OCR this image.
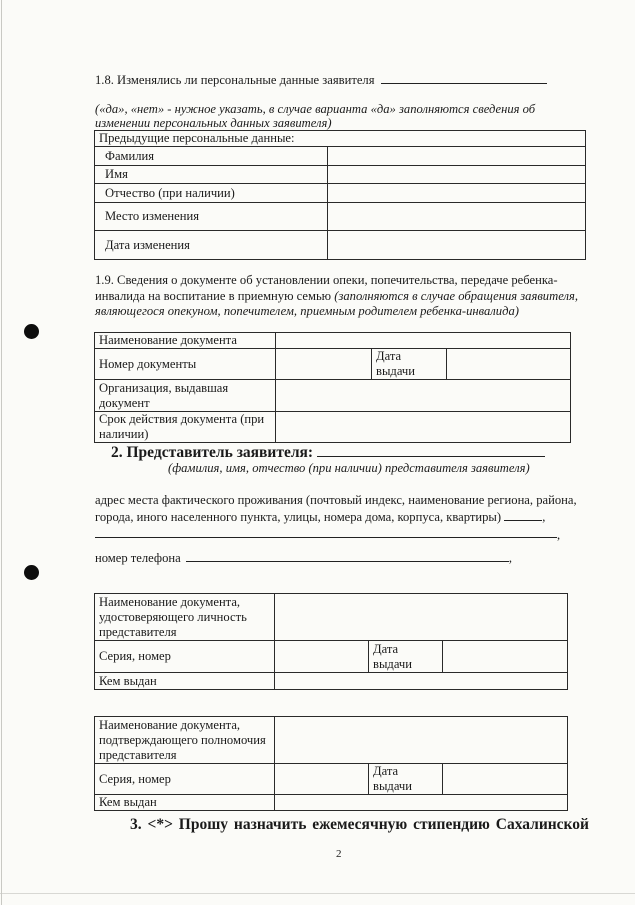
1.8. Изменялись ли персональные данные заявителя
(«да», «нет» - нужное указать, в случае варианта «да» заполняются сведения об
изменении персональных данных заявителя)
Предыдущие персональные данные:	
Фамилия	
Имя	
Отчество (при наличии)	
Место изменения	
Дата изменения	
1.9. Сведения о документе об установлении опеки, попечительства, передаче ребенка-
инвалида на воспитание в приемную семью (заполняются в случае обращения заявителя,
являющегося опекуном, попечителем, приемным родителем ребенка-инвалида)
Наименование документа			
Номер документы		Дата выдачи	

Организация, выдавшая
документ			

Срок действия документа (при
наличии)			

2. Представитель заявителя:
(фамилия, имя, отчество (при наличии) представителя заявителя)
адрес места фактического проживания (почтовый индекс, наименование региона, района,
города, иного населенного пункта, улицы, номера дома, корпуса, квартиры)	,
,
номер телефона	,
Наименование документа,
удостоверяющего личность
представителя			

Серия, номер		Дата
выдачи	

Кем выдан			
Наименование документа,
подтверждающего полномочия
представителя			

Серия, номер		Дата выдачи	
Кем выдан			
3. <*> Прошу назначить ежемесячную стипендию Сахалинской
2
